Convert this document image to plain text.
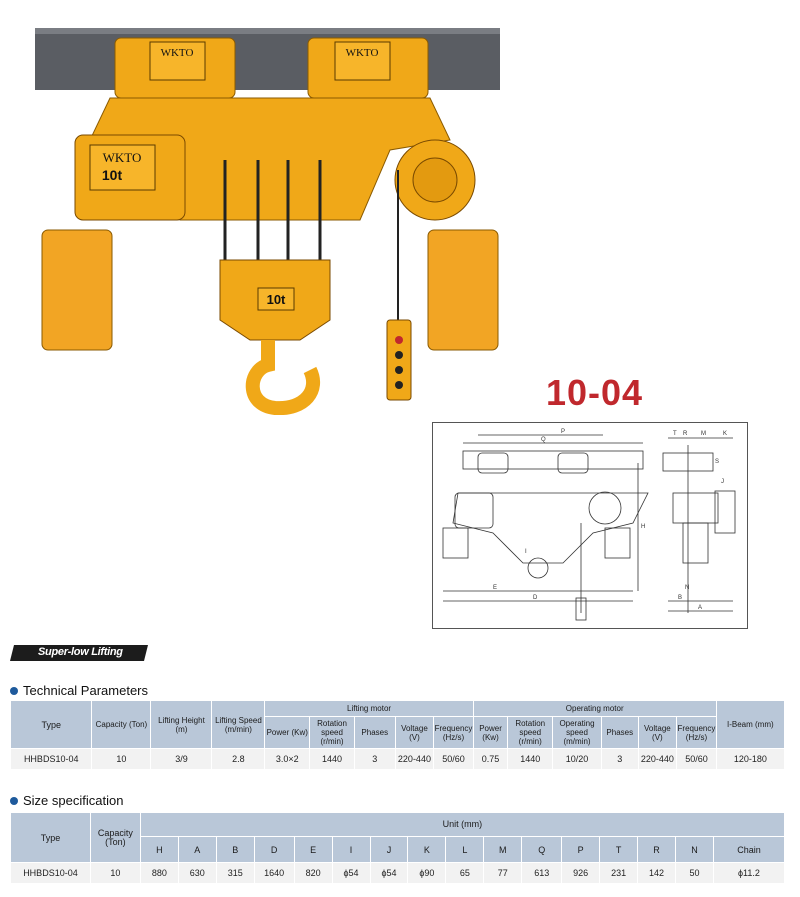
WKTO	WKTO
WKTO
10t
10t
10-04
P
Q
I
H
R
T	M	K
J
S
E
D
N
B
A
Super-low Lifting
Technical Parameters
Type	Capacity (Ton)	Lifting Height (m)	Lifting Speed (m/min)	Lifting motor					Operating motor						I-Beam (mm)
				Power (Kw)	Rotation speed (r/min)	Phases	Voltage (V)	Frequency (Hz/s)	Power (Kw)	Rotation speed (r/min)	Operating speed (m/min)	Phases	Voltage (V)	Frequency (Hz/s)	
HHBDS10-04	10	3/9	2.8	3.0×2	1440	3	220-440	50/60	0.75	1440	10/20	3	220-440	50/60	120-180
Size specification
Type	Capacity (Ton)	Unit (mm)															
		H	A	B	D	E	I	J	K	L	M	Q	P	T	R	N	Chain
HHBDS10-04	10	880	630	315	1640	820	ϕ54	ϕ54	ϕ90	65	77	613	926	231	142	50	ϕ11.2
